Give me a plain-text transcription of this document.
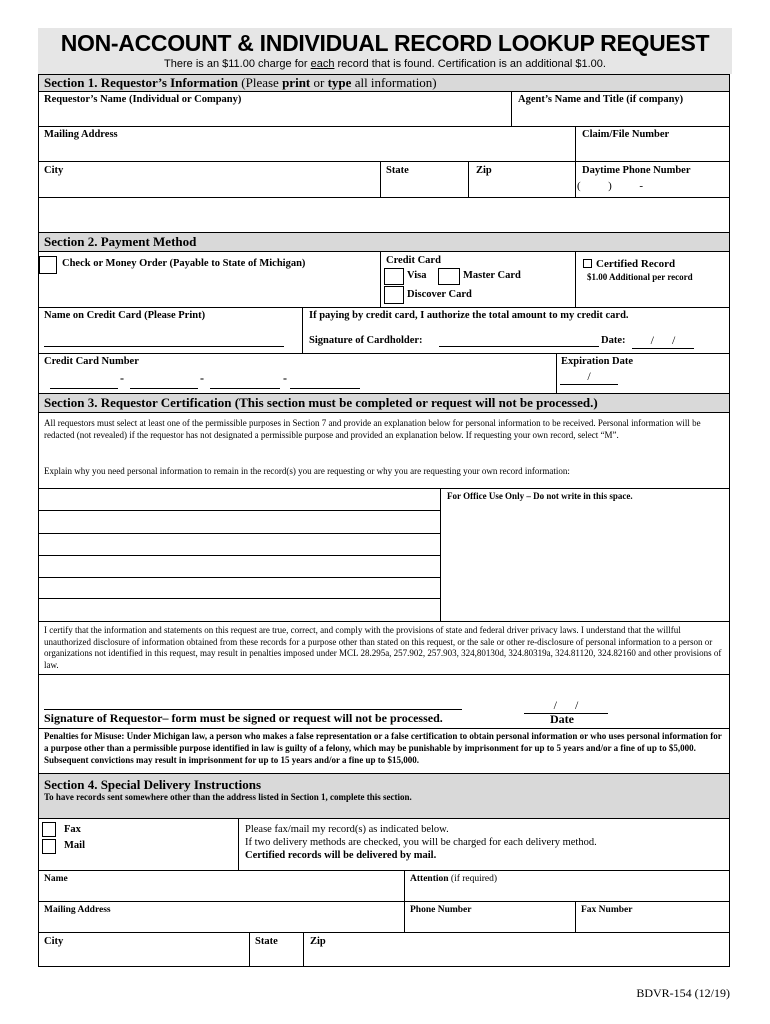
NON-ACCOUNT & INDIVIDUAL RECORD LOOKUP REQUEST
There is an $11.00 charge for each record that is found. Certification is an additional $1.00.
Section 1. Requestor’s Information (Please print or type all information)
Requestor’s Name (Individual or Company)	Agent’s Name and Title (if company)
Mailing Address	Claim/File Number
City	State	Zip	Daytime Phone Number
(          )          -
Section 2. Payment Method
Check or Money Order (Payable to State of Michigan)	Credit Card
Visa	Master Card
Discover Card
Certified Record
$1.00 Additional per record
Name on Credit Card (Please Print)	If paying by credit card, I authorize the total amount to my credit card.
Signature of Cardholder:	Date:	/      /
Credit Card Number
-	-	-
Expiration Date
/
Section 3. Requestor Certification (This section must be completed or request will not be processed.)
All requestors must select at least one of the permissible purposes in Section 7 and provide an explanation below for personal information to be received. Personal information will be redacted (not revealed) if the requestor has not designated a permissible purpose and provided an explanation below. If requesting your own record, select “M”.
Explain why you need personal information to remain in the record(s) you are requesting or why you are requesting your own record information:
For Office Use Only – Do not write in this space.
I certify that the information and statements on this request are true, correct, and comply with the provisions of state and federal driver privacy laws. I understand that the willful unauthorized disclosure of information obtained from these records for a purpose other than stated on this request, or the sale or other re-disclosure of personal information to a person or organizations not identified in this request, may result in penalties imposed under MCL 28.295a, 257.902, 257.903, 324,80130d, 324.80319a, 324.81120, 324.82160 and other provisions of law.
Signature of Requestor– form must be signed or request will not be processed.
/      /
Date
Penalties for Misuse: Under Michigan law, a person who makes a false representation or a false certification to obtain personal information or who uses personal information for a purpose other than a permissible purpose identified in law is guilty of a felony, which may be punishable by imprisonment for up to 5 years and/or a fine of up to $5,000. Subsequent convictions may result in imprisonment for up to 15 years and/or a fine up to $15,000.
Section 4. Special Delivery Instructions
To have records sent somewhere other than the address listed in Section 1, complete this section.
Fax
Mail
Please fax/mail my record(s) as indicated below.
If two delivery methods are checked, you will be charged for each delivery method.
Certified records will be delivered by mail.
Name	Attention (if required)
Mailing Address	Phone Number	Fax Number
City	State	Zip
BDVR-154 (12/19)
